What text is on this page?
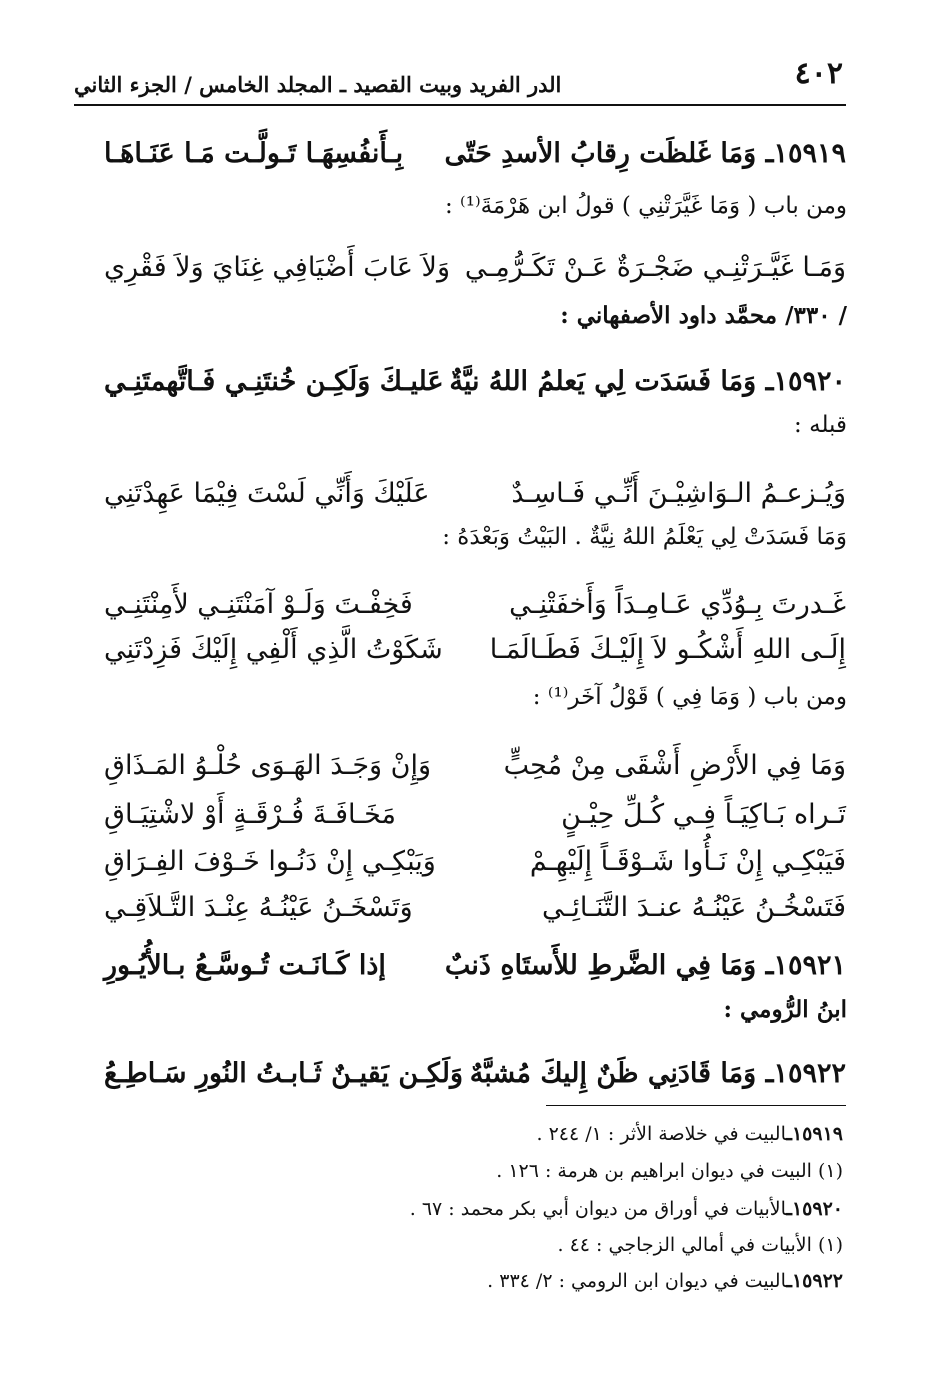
٤٠٢
الدر الفريد وبيت القصيد ـ المجلد الخامس / الجزء الثاني
١٥٩١٩ـ وَمَا غَلظَت رِقابُ الأسدِ حَتّى
بِـأَنفُسِهَـا تَـولَّـت مَـا عَنَـاهَـا
ومن باب ( وَمَا غَيَّرَتْنِي ) قولُ ابن هَرْمَةَ⁽¹⁾ :
وَمَـا غَيَّـرَتْنِـي ضَجْـرَةٌ عَـنْ تَكَـرُّمِـي
وَلاَ عَابَ أَضْيَافِي غِنَايَ وَلاَ فَقْرِي
/ ٣٣٠/ محمَّد داود الأصفهاني :
١٥٩٢٠ـ وَمَا فَسَدَت لِي يَعلمُ اللهُ نيَّةٌ
عَليـكَ وَلَكِـن خُنتَنِـي فَـاتَّهمتَنِـي
قبله :
وَيُـزعـمُ الـوَاشِيْـنَ أَنِّـي فَـاسِـدٌ
عَلَيْكَ وَأَنِّي لَسْتَ فِيْمَا عَهِدْتَنِي
وَمَا فَسَدَتْ لِي يَعْلَمُ اللهُ نِيَّةٌ . البَيْتُ وَبَعْدَهُ :
غَـدرتَ بِـوُدِّي عَـامِـدَاً وَأَخفَتْنِـي
فَخِفْـتَ وَلَـوْ آمَنْتَنِـي لأَمِنْتَنِـي
إِلَـى اللهِ أَشْكُـو لاَ إِلَيْـكَ فَطَـالَمَـا
شَكَوْتُ الَّذِي أَلْفِي إِلَيْكَ فَزِدْتَنِي
ومن باب ( وَمَا فِي ) قَوْلُ آخَر⁽¹⁾ :
وَمَا فِي الأَرْضِ أَشْقَى مِنْ مُحِبٍّ
وَإِنْ وَجَـدَ الهَـوَى حُلْـوُ المَـذَاقِ
تَـراه بَـاكِيَـاً فِـي كُـلِّ حِيْـنٍ
مَخَـافَـةَ فُـرْقَـةٍ أَوْ لاشْتِيَـاقِ
فَيَبْكِـي إِنْ نَـأُوا شَـوْقَـاً إِلَيْهِـمْ
وَيَبْكِـي إِنْ دَنُـوا خَـوْفَ الفِـرَاقِ
فَتَسْخُـنُ عَيْنُـهُ عنـدَ التَّنَـائِـي
وَتَسْخَـنُ عَيْنُـهُ عِنْـدَ التَّـلاَقِـي
١٥٩٢١ـ وَمَا فِي الضَّرطِ للأَستَاهِ ذَنبٌ
إذا كَـانَـت تُـوسَّـعُ بـالأُيُـورِ
ابنُ الرُّومي :
١٥٩٢٢ـ وَمَا قَادَنِي ظَنٌ إِليكَ مُشبَّهٌ
وَلَكِـن يَقيـنٌ ثَـابـتُ النُورِ سَـاطِـعُ
١٥٩١٩ـالبيت في خلاصة الأثر : ١/ ٢٤٤ .
(١) البيت في ديوان ابراهيم بن هرمة : ١٢٦ .
١٥٩٢٠ـالأبيات في أوراق من ديوان أبي بكر محمد : ٦٧ .
(١) الأبيات في أمالي الزجاجي : ٤٤ .
١٥٩٢٢ـالبيت في ديوان ابن الرومي : ٢/ ٣٣٤ .
